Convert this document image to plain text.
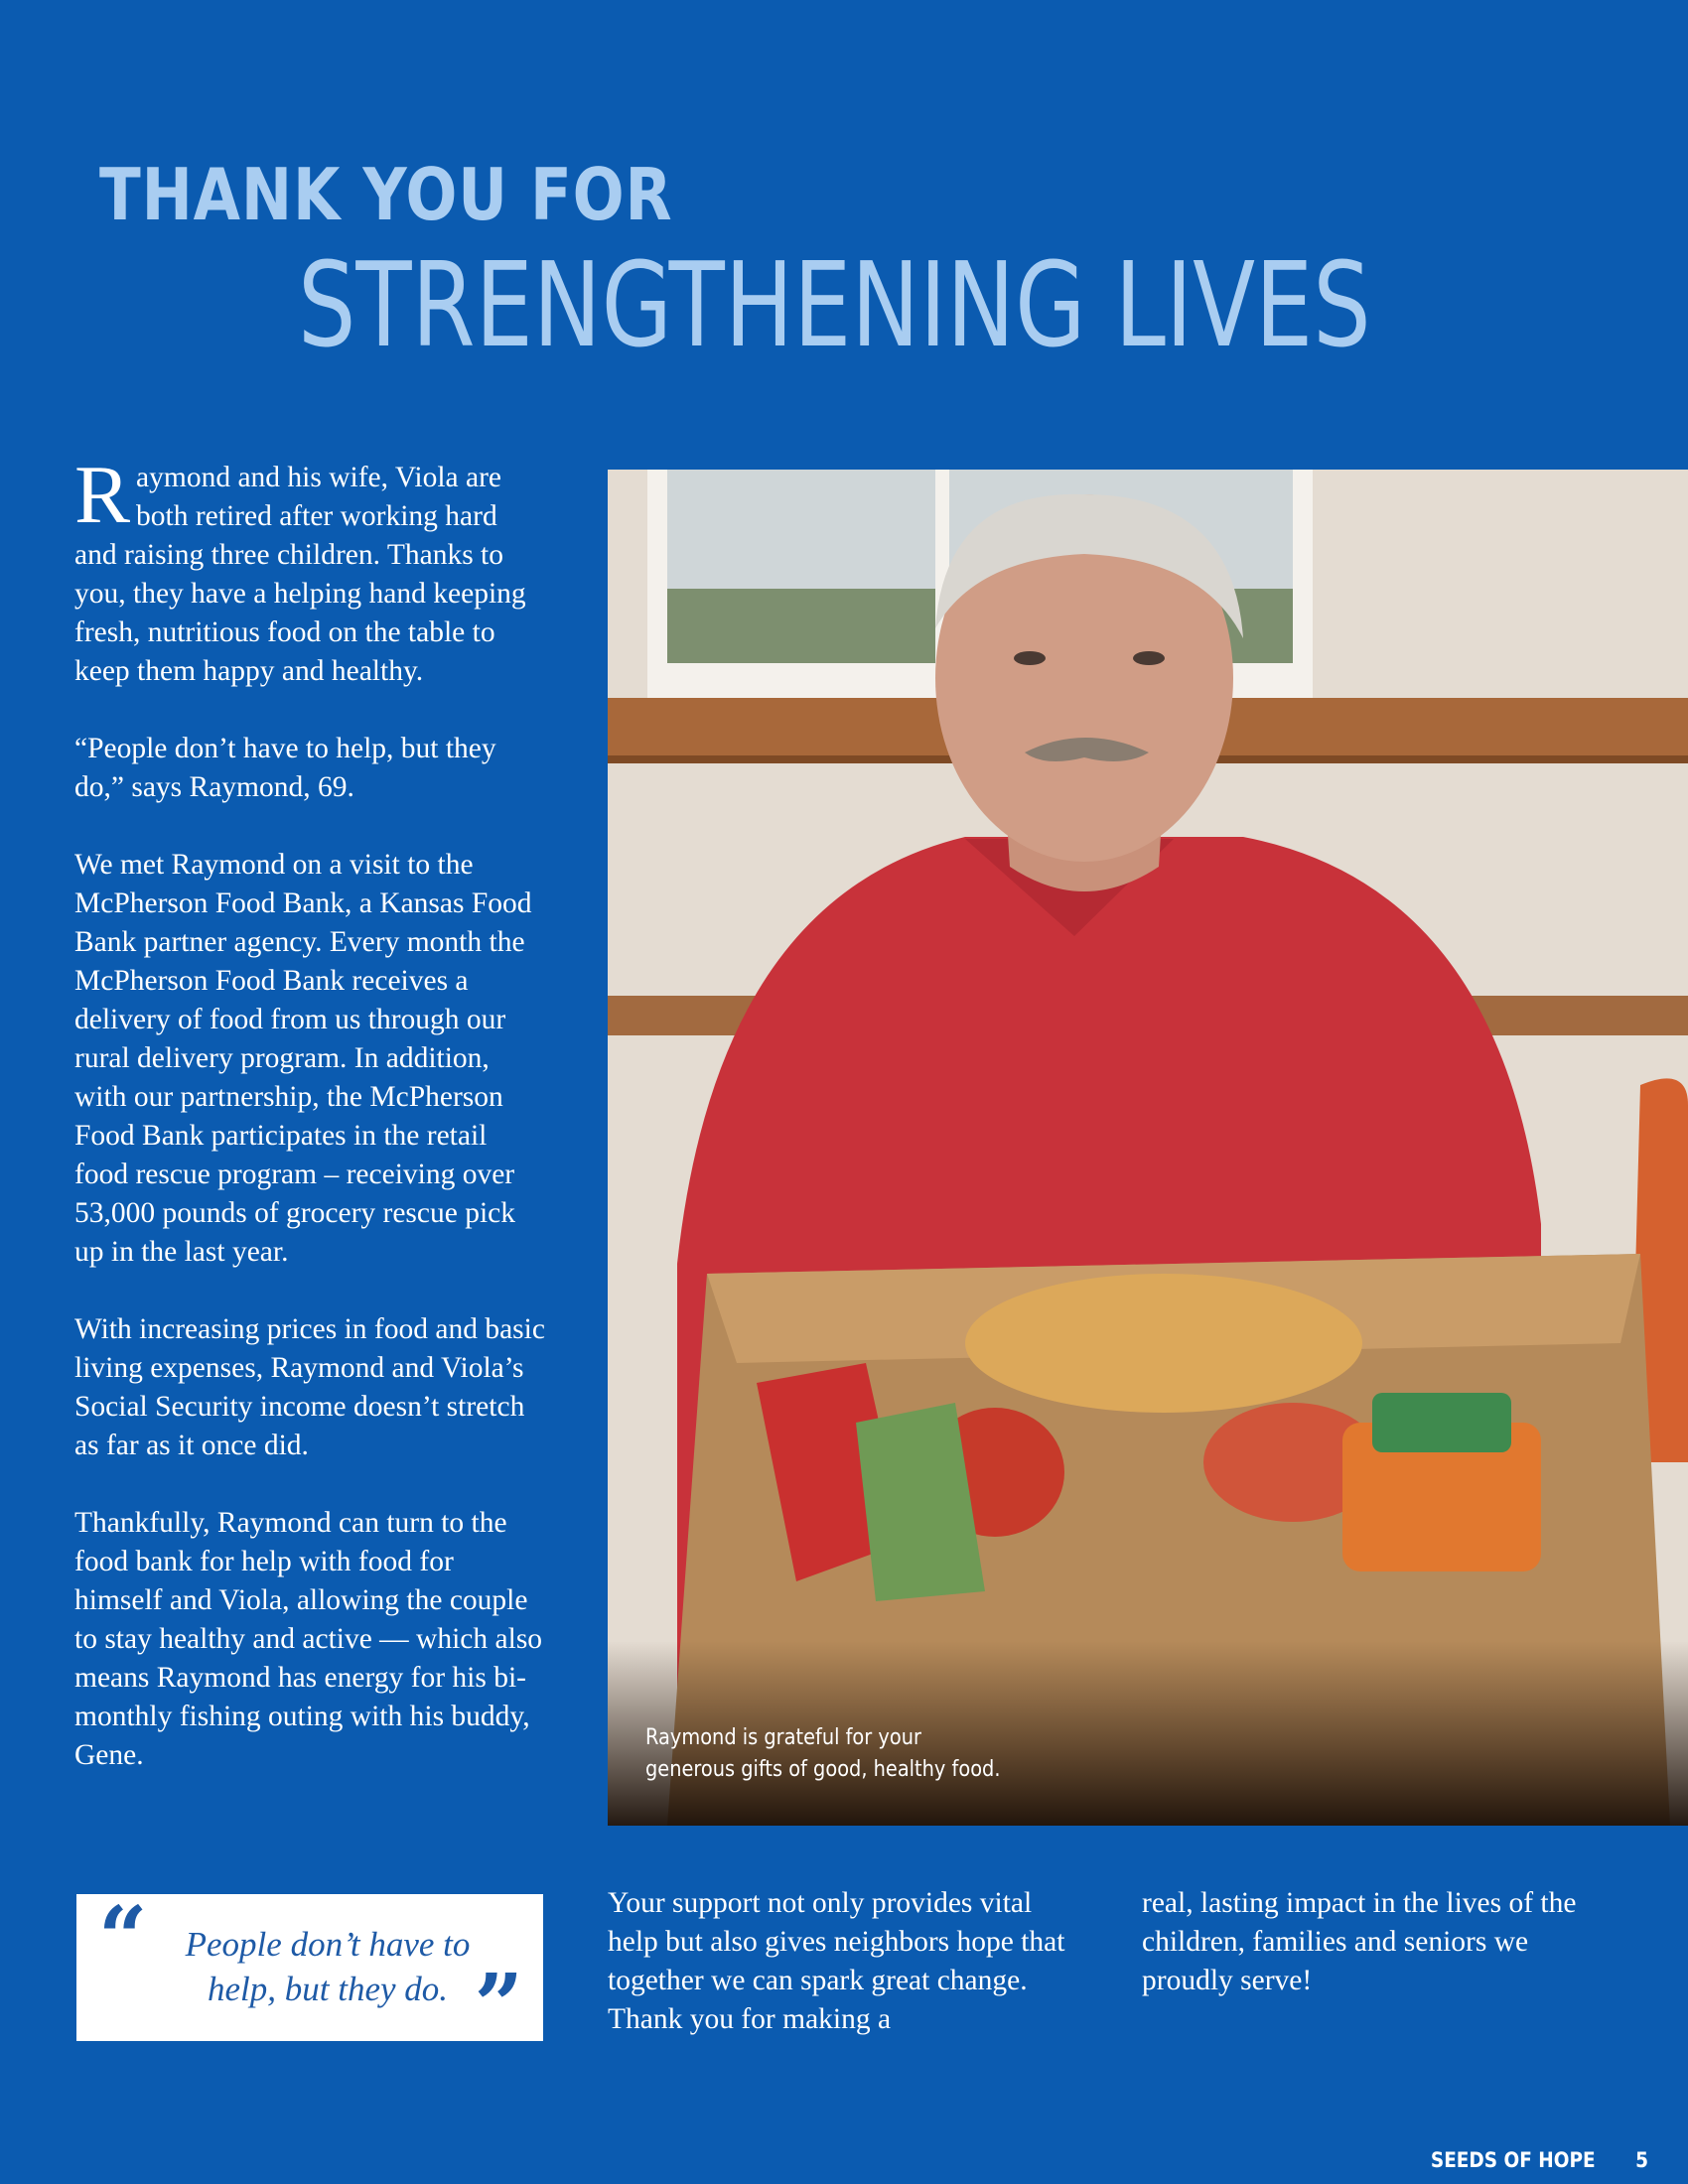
THANK YOU FOR
STRENGTHENING LIVES

Raymond and his wife, Viola are both retired after working hard and raising three children. Thanks to you, they have a helping hand keeping fresh, nutritious food on the table to keep them happy and healthy.

“People don’t have to help, but they do,” says Raymond, 69.

We met Raymond on a visit to the McPherson Food Bank, a Kansas Food Bank partner agency. Every month the McPherson Food Bank receives a delivery of food from us through our rural delivery program. In addition, with our partnership, the McPherson Food Bank participates in the retail food rescue program – receiving over 53,000 pounds of grocery rescue pick up in the last year.

With increasing prices in food and basic living expenses, Raymond and Viola’s Social Security income doesn’t stretch as far as it once did.

Thankfully, Raymond can turn to the food bank for help with food for himself and Viola, allowing the couple to stay healthy and active — which also means Raymond has energy for his bi-monthly fishing outing with his buddy, Gene.

Raymond is grateful for your
generous gifts of good, healthy food.
“	People don’t have to help, but they do. ”
Your support not only provides vital help but also gives neighbors hope that together we can spark great change. Thank you for making a
real, lasting impact in the lives of the children, families and seniors we proudly serve!
SEEDS OF HOPE 5
